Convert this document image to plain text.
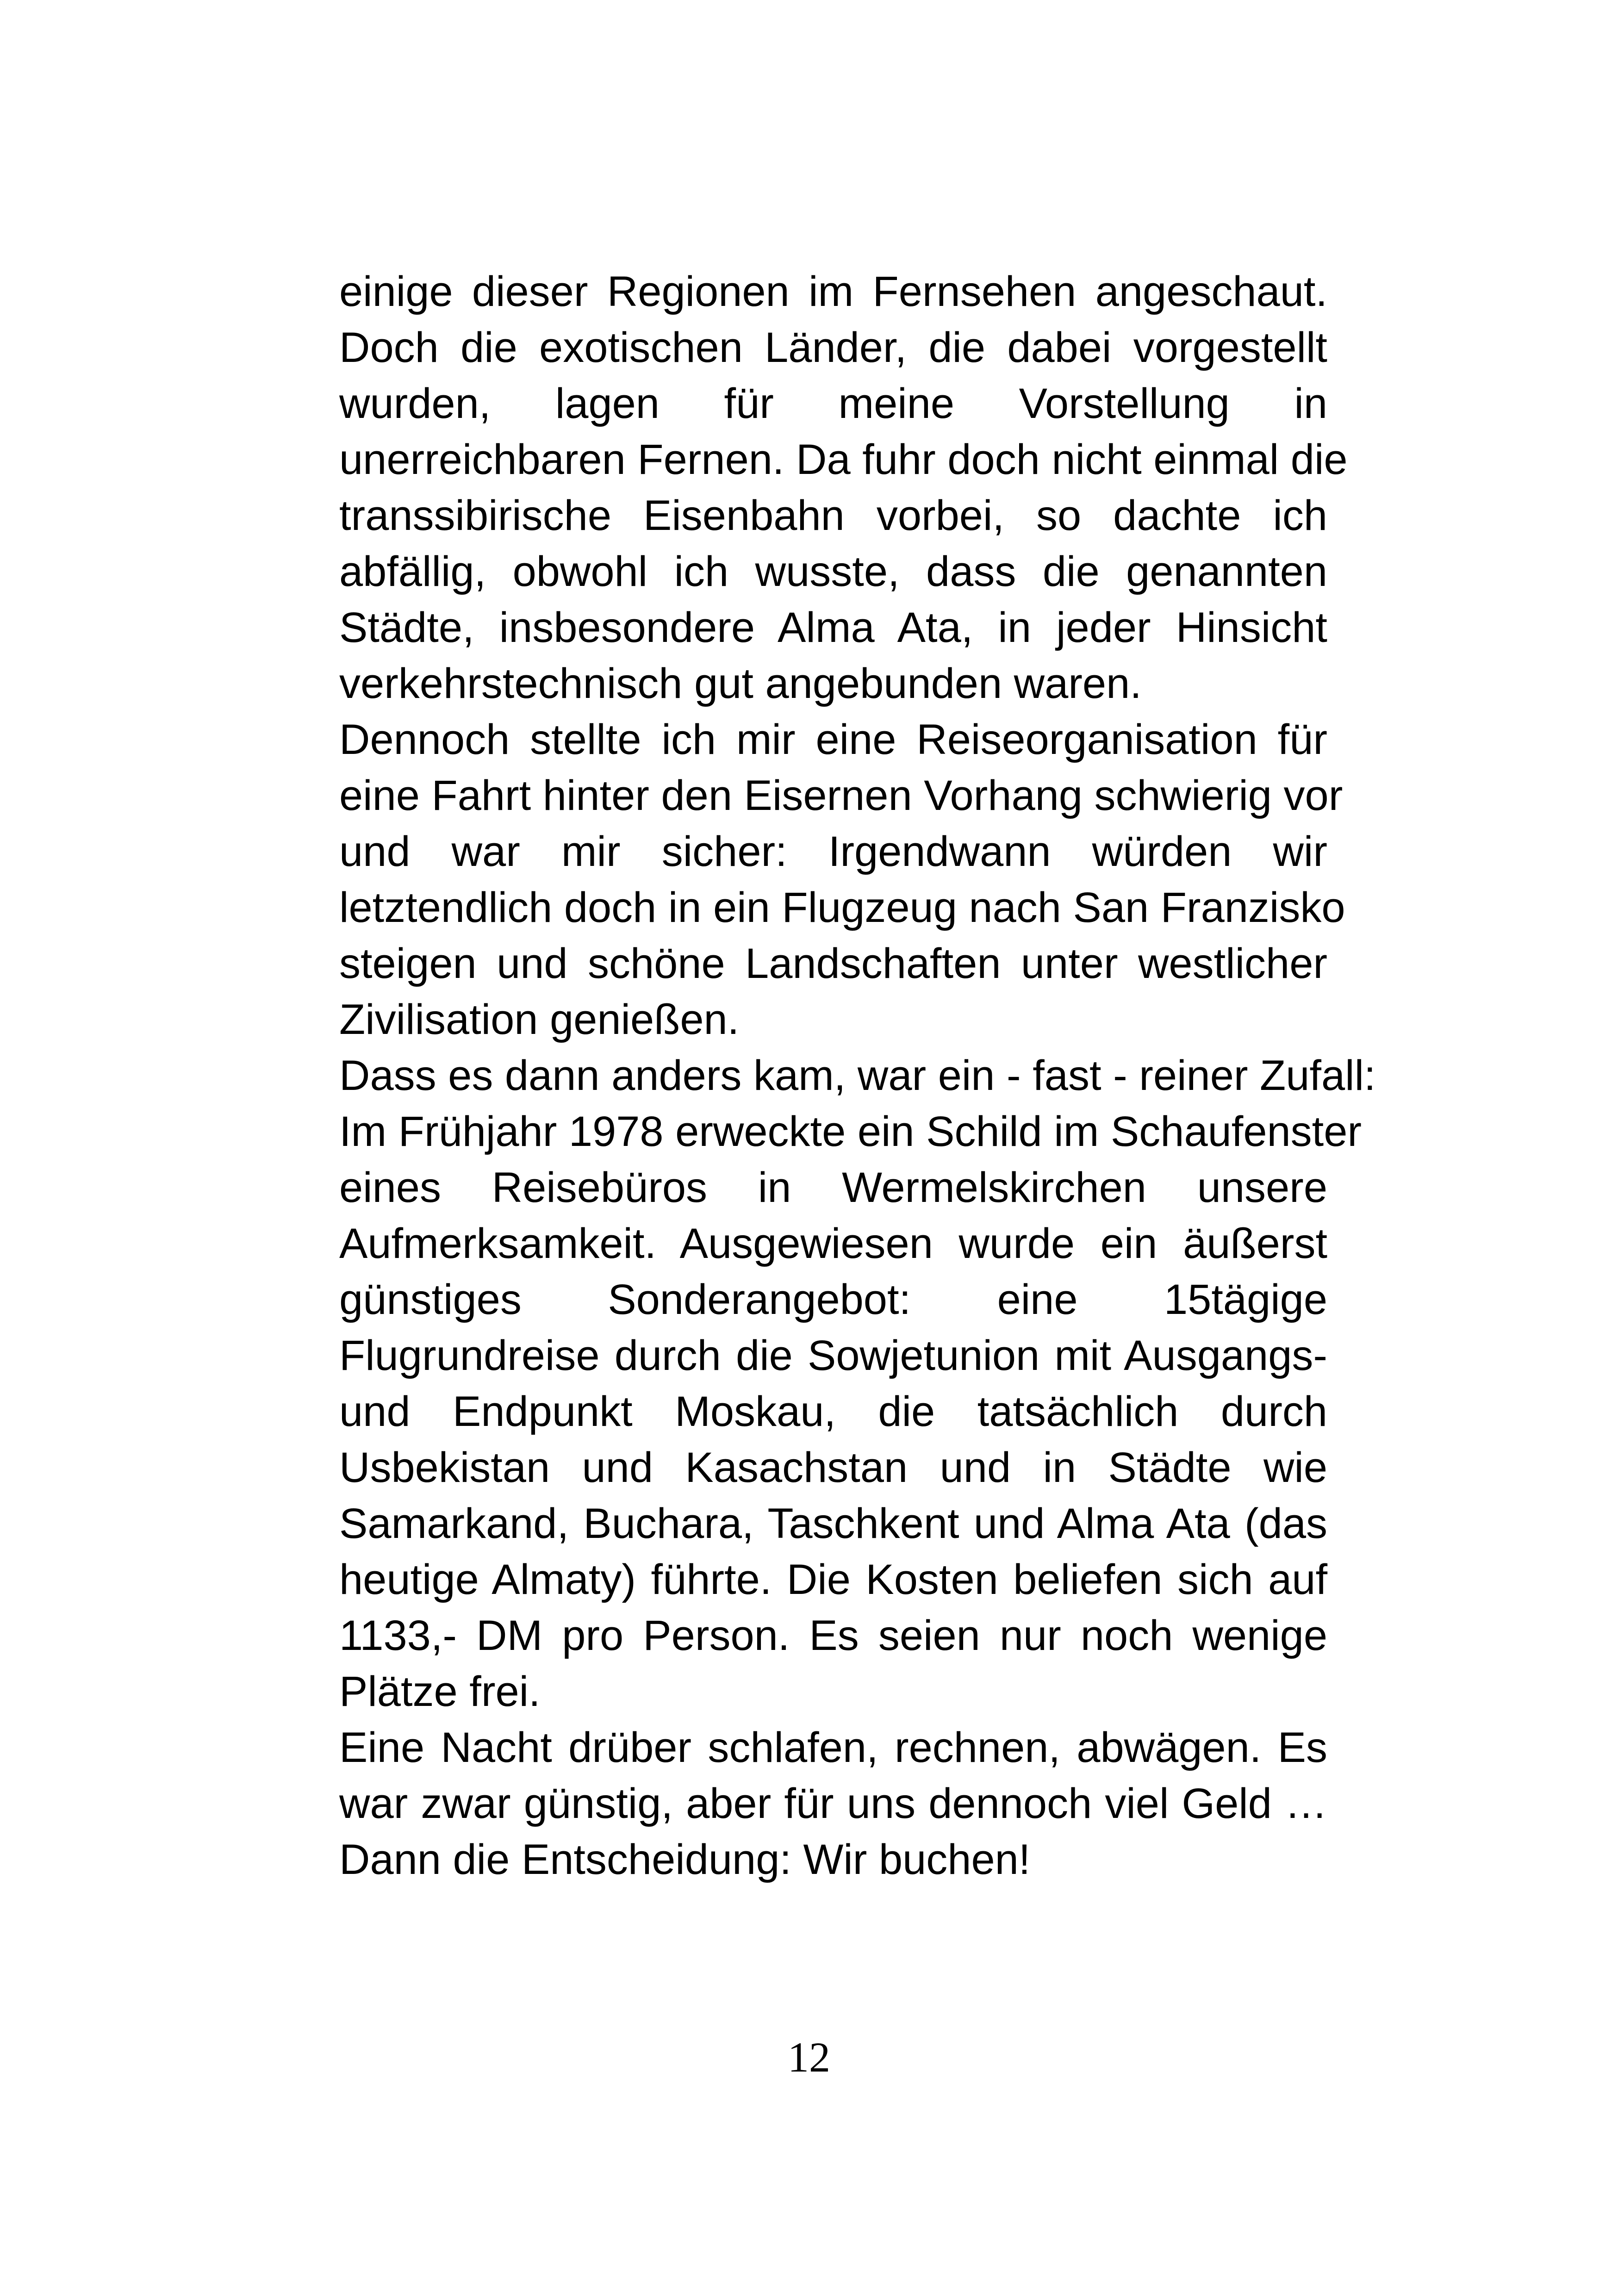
einige dieser Regionen im Fernsehen angeschaut.
Doch die exotischen Länder, die dabei vorgestellt
wurden, lagen für meine Vorstellung in
unerreichbaren Fernen. Da fuhr doch nicht einmal die
transsibirische Eisenbahn vorbei, so dachte ich
abfällig, obwohl ich wusste, dass die genannten
Städte, insbesondere Alma Ata, in jeder Hinsicht
verkehrstechnisch gut angebunden waren.
Dennoch stellte ich mir eine Reiseorganisation für
eine Fahrt hinter den Eisernen Vorhang schwierig vor
und war mir sicher: Irgendwann würden wir
letztendlich doch in ein Flugzeug nach San Franzisko
steigen und schöne Landschaften unter westlicher
Zivilisation genießen.
Dass es dann anders kam, war ein - fast - reiner Zufall:
Im Frühjahr 1978 erweckte ein Schild im Schaufenster
eines Reisebüros in Wermelskirchen unsere
Aufmerksamkeit. Ausgewiesen wurde ein äußerst
günstiges Sonderangebot: eine 15tägige
Flugrundreise durch die Sowjetunion mit Ausgangs-
und Endpunkt Moskau, die tatsächlich durch
Usbekistan und Kasachstan und in Städte wie
Samarkand, Buchara, Taschkent und Alma Ata (das
heutige Almaty) führte. Die Kosten beliefen sich auf
1133,- DM pro Person. Es seien nur noch wenige
Plätze frei.
Eine Nacht drüber schlafen, rechnen, abwägen. Es
war zwar günstig, aber für uns dennoch viel Geld …
Dann die Entscheidung: Wir buchen!
12
